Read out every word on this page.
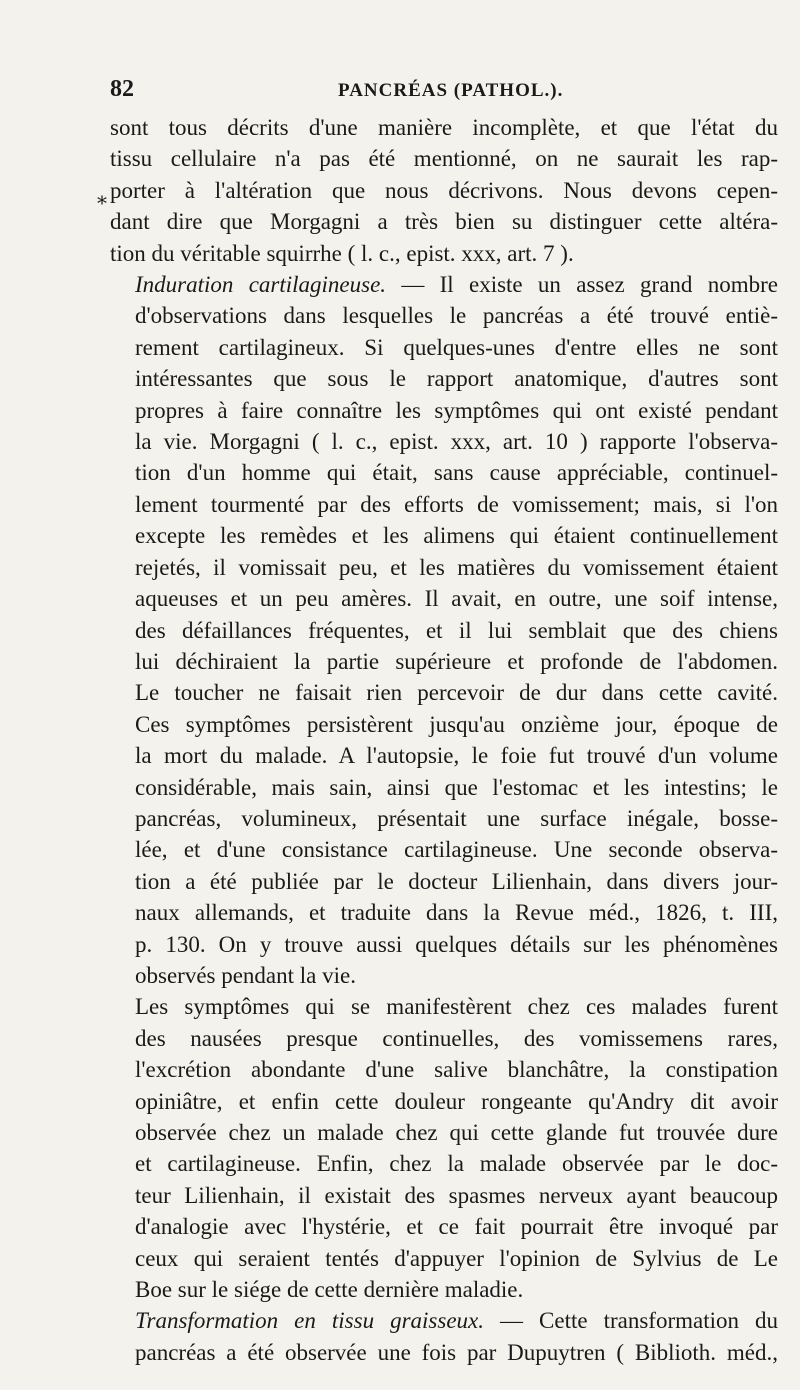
82	PANCRÉAS (PATHOL.).
⁎

sont tous décrits d'une manière incomplète, et que l'état du
tissu cellulaire n'a pas été mentionné, on ne saurait les rap-
porter à l'altération que nous décrivons. Nous devons cepen-
dant dire que Morgagni a très bien su distinguer cette altéra-
tion du véritable squirrhe ( l. c., epist. xxx, art. 7 ).

Induration cartilagineuse. — Il existe un assez grand nombre
d'observations dans lesquelles le pancréas a été trouvé entiè-
rement cartilagineux. Si quelques-unes d'entre elles ne sont
intéressantes que sous le rapport anatomique, d'autres sont
propres à faire connaître les symptômes qui ont existé pendant
la vie. Morgagni ( l. c., epist. xxx, art. 10 ) rapporte l'observa-
tion d'un homme qui était, sans cause appréciable, continuel-
lement tourmenté par des efforts de vomissement; mais, si l'on
excepte les remèdes et les alimens qui étaient continuellement
rejetés, il vomissait peu, et les matières du vomissement étaient
aqueuses et un peu amères. Il avait, en outre, une soif intense,
des défaillances fréquentes, et il lui semblait que des chiens
lui déchiraient la partie supérieure et profonde de l'abdomen.
Le toucher ne faisait rien percevoir de dur dans cette cavité.
Ces symptômes persistèrent jusqu'au onzième jour, époque de
la mort du malade. A l'autopsie, le foie fut trouvé d'un volume
considérable, mais sain, ainsi que l'estomac et les intestins; le
pancréas, volumineux, présentait une surface inégale, bosse-
lée, et d'une consistance cartilagineuse. Une seconde observa-
tion a été publiée par le docteur Lilienhain, dans divers jour-
naux allemands, et traduite dans la Revue méd., 1826, t. III,
p. 130. On y trouve aussi quelques détails sur les phénomènes
observés pendant la vie.

Les symptômes qui se manifestèrent chez ces malades furent
des nausées presque continuelles, des vomissemens rares,
l'excrétion abondante d'une salive blanchâtre, la constipation
opiniâtre, et enfin cette douleur rongeante qu'Andry dit avoir
observée chez un malade chez qui cette glande fut trouvée dure
et cartilagineuse. Enfin, chez la malade observée par le doc-
teur Lilienhain, il existait des spasmes nerveux ayant beaucoup
d'analogie avec l'hystérie, et ce fait pourrait être invoqué par
ceux qui seraient tentés d'appuyer l'opinion de Sylvius de Le
Boe sur le siége de cette dernière maladie.

Transformation en tissu graisseux. — Cette transformation du
pancréas a été observée une fois par Dupuytren ( Biblioth. méd.,
